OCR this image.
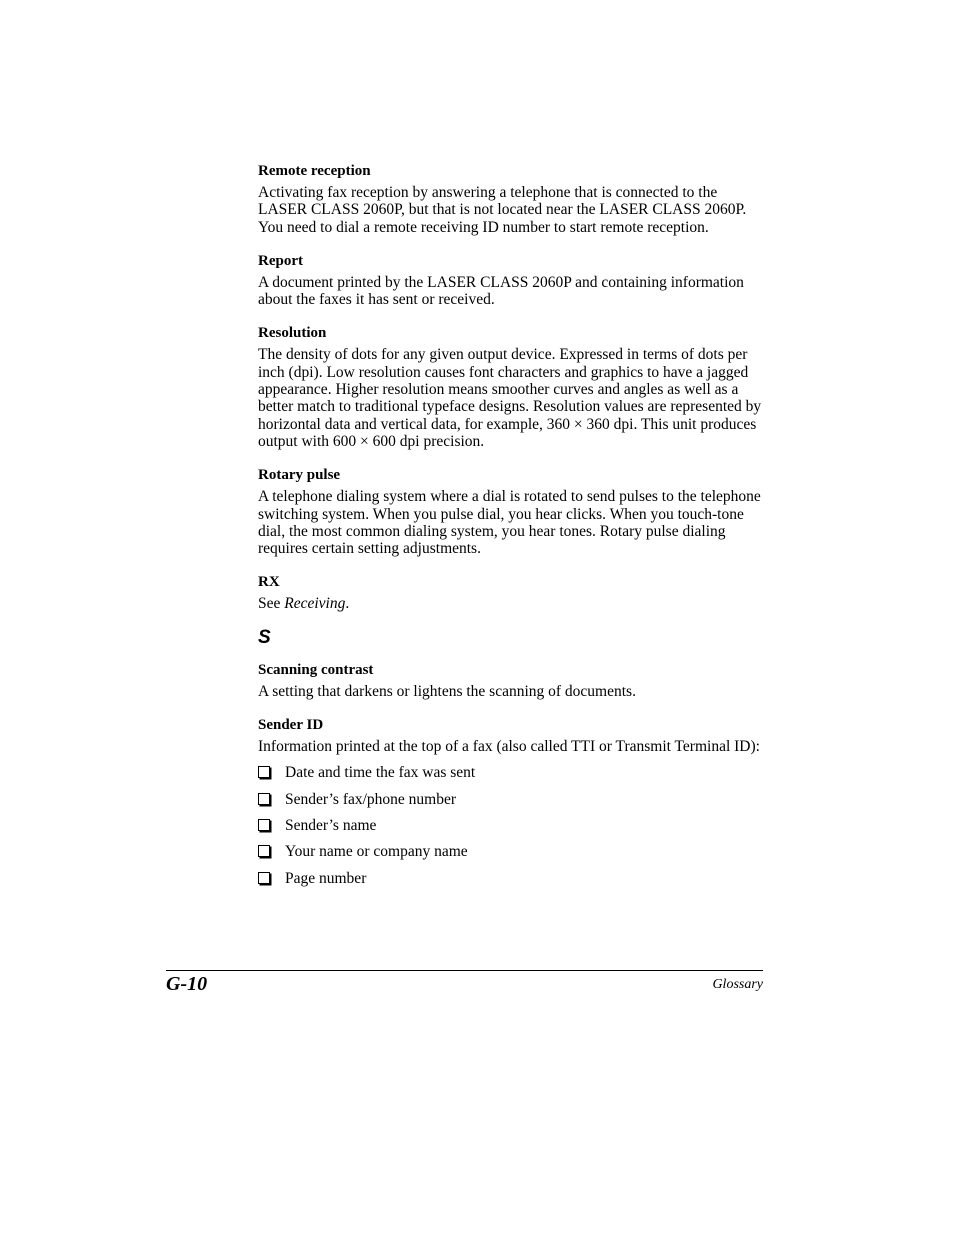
Remote reception
Activating fax reception by answering a telephone that is connected to the LASER CLASS 2060P, but that is not located near the LASER CLASS 2060P. You need to dial a remote receiving ID number to start remote reception.
Report
A document printed by the LASER CLASS 2060P and containing information about the faxes it has sent or received.
Resolution
The density of dots for any given output device. Expressed in terms of dots per inch (dpi). Low resolution causes font characters and graphics to have a jagged appearance. Higher resolution means smoother curves and angles as well as a better match to traditional typeface designs. Resolution values are represented by horizontal data and vertical data, for example, 360 × 360 dpi. This unit produces output with 600 × 600 dpi precision.
Rotary pulse
A telephone dialing system where a dial is rotated to send pulses to the telephone switching system. When you pulse dial, you hear clicks. When you touch-tone dial, the most common dialing system, you hear tones. Rotary pulse dialing requires certain setting adjustments.
RX
See Receiving.
S
Scanning contrast
A setting that darkens or lightens the scanning of documents.
Sender ID
Information printed at the top of a fax (also called TTI or Transmit Terminal ID):
Date and time the fax was sent
Sender’s fax/phone number
Sender’s name
Your name or company name
Page number
G-10	Glossary
